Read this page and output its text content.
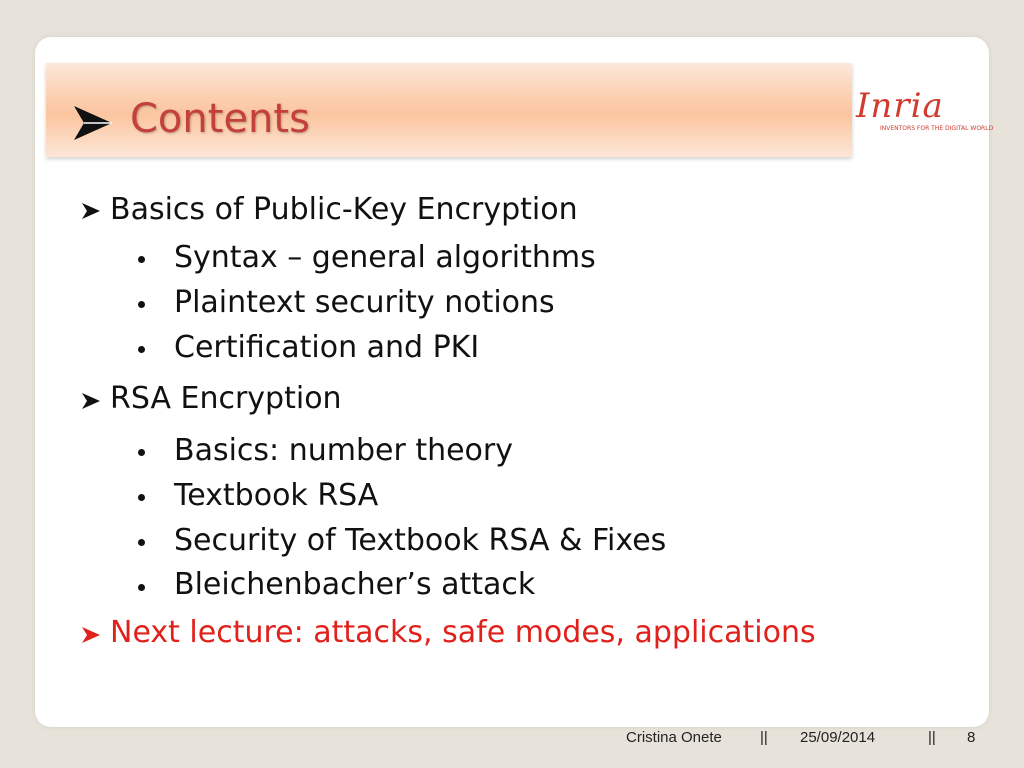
Contents	Inria
INVENTORS FOR THE DIGITAL WORLD
Basics of Public-Key Encryption
Syntax – general algorithms
Plaintext security notions
Certification and PKI
RSA Encryption
Basics: number theory
Textbook RSA
Security of Textbook RSA & Fixes
Bleichenbacher’s attack
Next lecture: attacks, safe modes, applications
Cristina Onete	|| 25/09/2014	|| 8
